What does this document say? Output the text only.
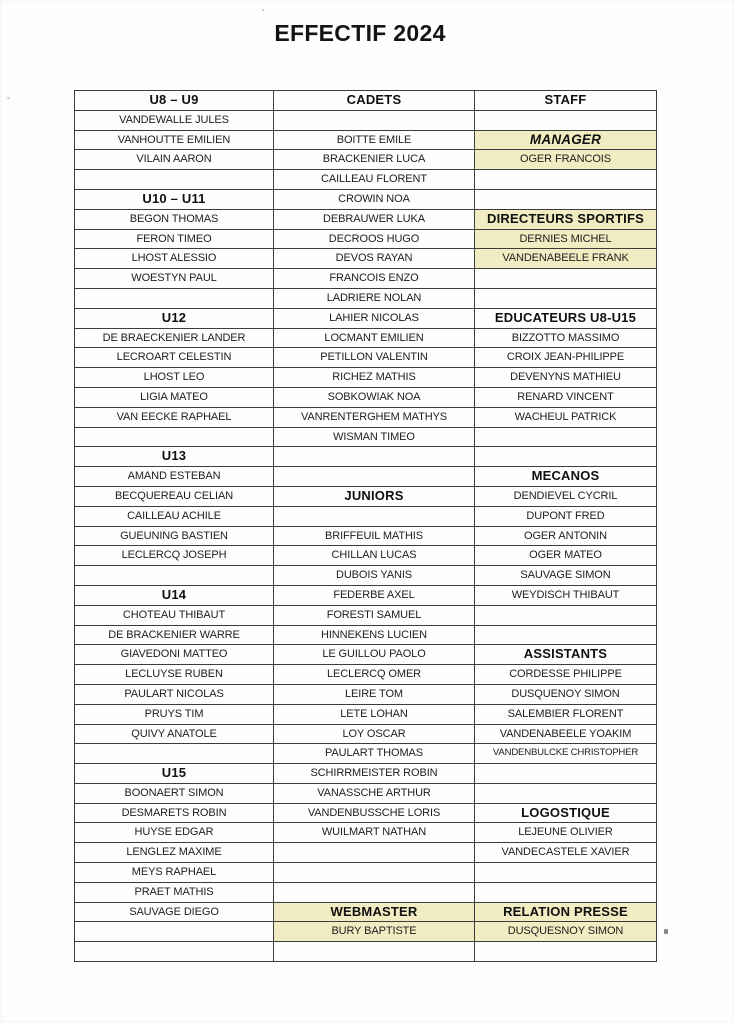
EFFECTIF 2024
U8 – U9	CADETS	STAFF
VANDEWALLE JULES		
VANHOUTTE EMILIEN	BOITTE EMILE	MANAGER
VILAIN AARON	BRACKENIER LUCA	OGER FRANCOIS
	CAILLEAU FLORENT	
U10 – U11	CROWIN NOA	
BEGON THOMAS	DEBRAUWER LUKA	DIRECTEURS SPORTIFS
FERON TIMEO	DECROOS HUGO	DERNIES MICHEL
LHOST ALESSIO	DEVOS RAYAN	VANDENABEELE FRANK
WOESTYN PAUL	FRANCOIS ENZO	
	LADRIERE NOLAN	
U12	LAHIER NICOLAS	EDUCATEURS U8-U15
DE BRAECKENIER LANDER	LOCMANT EMILIEN	BIZZOTTO MASSIMO
LECROART CELESTIN	PETILLON VALENTIN	CROIX JEAN-PHILIPPE
LHOST LEO	RICHEZ MATHIS	DEVENYNS MATHIEU
LIGIA MATEO	SOBKOWIAK NOA	RENARD VINCENT
VAN EECKE RAPHAEL	VANRENTERGHEM MATHYS	WACHEUL PATRICK
	WISMAN TIMEO	
U13		
AMAND ESTEBAN		MECANOS
BECQUEREAU CELIAN	JUNIORS	DENDIEVEL CYCRIL
CAILLEAU ACHILE		DUPONT FRED
GUEUNING BASTIEN	BRIFFEUIL MATHIS	OGER ANTONIN
LECLERCQ JOSEPH	CHILLAN LUCAS	OGER MATEO
	DUBOIS YANIS	SAUVAGE SIMON
U14	FEDERBE AXEL	WEYDISCH THIBAUT
CHOTEAU THIBAUT	FORESTI SAMUEL	
DE BRACKENIER WARRE	HINNEKENS LUCIEN	
GIAVEDONI MATTEO	LE GUILLOU PAOLO	ASSISTANTS
LECLUYSE RUBEN	LECLERCQ OMER	CORDESSE PHILIPPE
PAULART NICOLAS	LEIRE TOM	DUSQUENOY SIMON
PRUYS TIM	LETE LOHAN	SALEMBIER FLORENT
QUIVY ANATOLE	LOY OSCAR	VANDENABEELE YOAKIM
	PAULART THOMAS	VANDENBULCKE CHRISTOPHER
U15	SCHIRRMEISTER ROBIN	
BOONAERT SIMON	VANASSCHE ARTHUR	
DESMARETS ROBIN	VANDENBUSSCHE LORIS	LOGOSTIQUE
HUYSE EDGAR	WUILMART NATHAN	LEJEUNE OLIVIER
LENGLEZ MAXIME		VANDECASTELE XAVIER
MEYS RAPHAEL		
PRAET MATHIS		
SAUVAGE DIEGO	WEBMASTER	RELATION PRESSE
	BURY BAPTISTE	DUSQUESNOY SIMON
